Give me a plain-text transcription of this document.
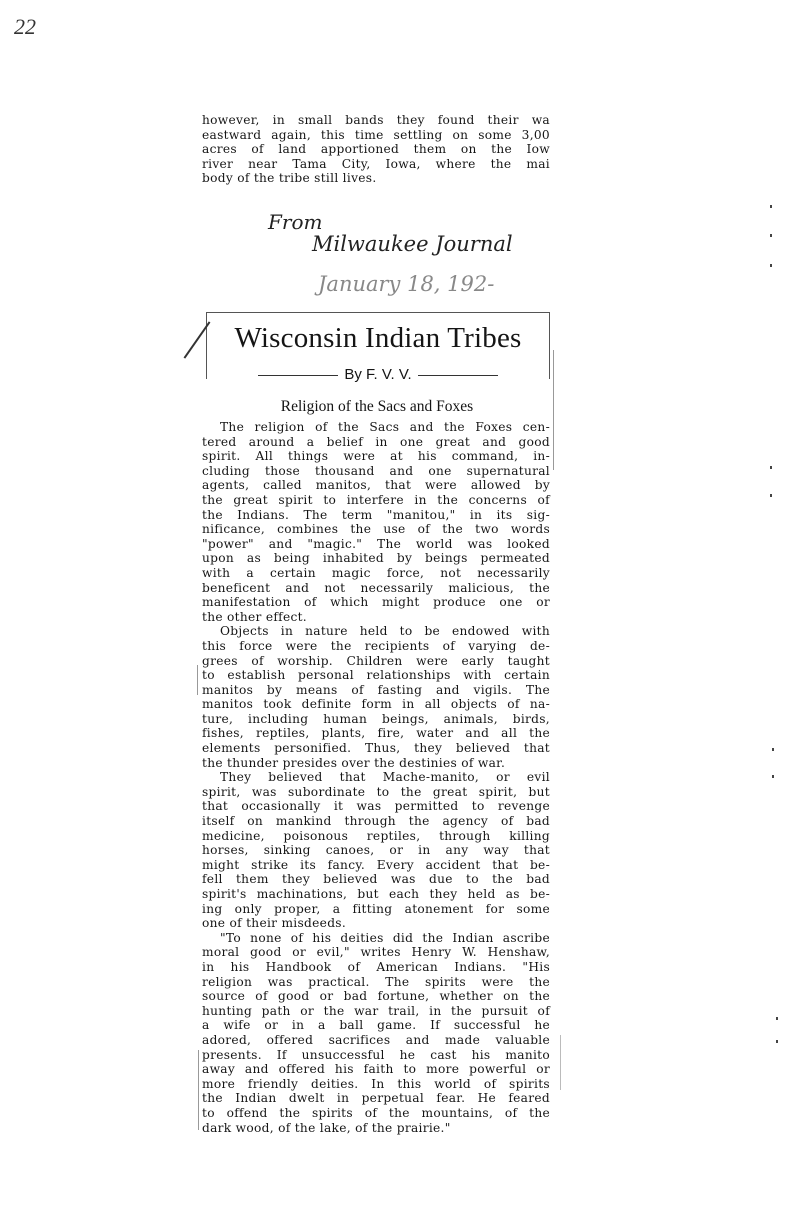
22
however, in small bands they found their wa
eastward again, this time settling on some 3,00
acres of land apportioned them on the Iow
river near Tama City, Iowa, where the mai
body of the tribe still lives.
From
Milwaukee Journal
January 18, 192-
Wisconsin Indian Tribes
By F. V. V.
Religion of the Sacs and Foxes
The religion of the Sacs and the Foxes cen-
tered around a belief in one great and good
spirit. All things were at his command, in-
cluding those thousand and one supernatural
agents, called manitos, that were allowed by
the great spirit to interfere in the concerns of
the Indians. The term "manitou," in its sig-
nificance, combines the use of the two words
"power" and "magic." The world was looked
upon as being inhabited by beings permeated
with a certain magic force, not necessarily
beneficent and not necessarily malicious, the
manifestation of which might produce one or
the other effect.
Objects in nature held to be endowed with
this force were the recipients of varying de-
grees of worship. Children were early taught
to establish personal relationships with certain
manitos by means of fasting and vigils. The
manitos took definite form in all objects of na-
ture, including human beings, animals, birds,
fishes, reptiles, plants, fire, water and all the
elements personified. Thus, they believed that
the thunder presides over the destinies of war.
They believed that Mache-manito, or evil
spirit, was subordinate to the great spirit, but
that occasionally it was permitted to revenge
itself on mankind through the agency of bad
medicine, poisonous reptiles, through killing
horses, sinking canoes, or in any way that
might strike its fancy. Every accident that be-
fell them they believed was due to the bad
spirit's machinations, but each they held as be-
ing only proper, a fitting atonement for some
one of their misdeeds.
"To none of his deities did the Indian ascribe
moral good or evil," writes Henry W. Henshaw,
in his Handbook of American Indians. "His
religion was practical. The spirits were the
source of good or bad fortune, whether on the
hunting path or the war trail, in the pursuit of
a wife or in a ball game. If successful he
adored, offered sacrifices and made valuable
presents. If unsuccessful he cast his manito
away and offered his faith to more powerful or
more friendly deities. In this world of spirits
the Indian dwelt in perpetual fear. He feared
to offend the spirits of the mountains, of the
dark wood, of the lake, of the prairie."
